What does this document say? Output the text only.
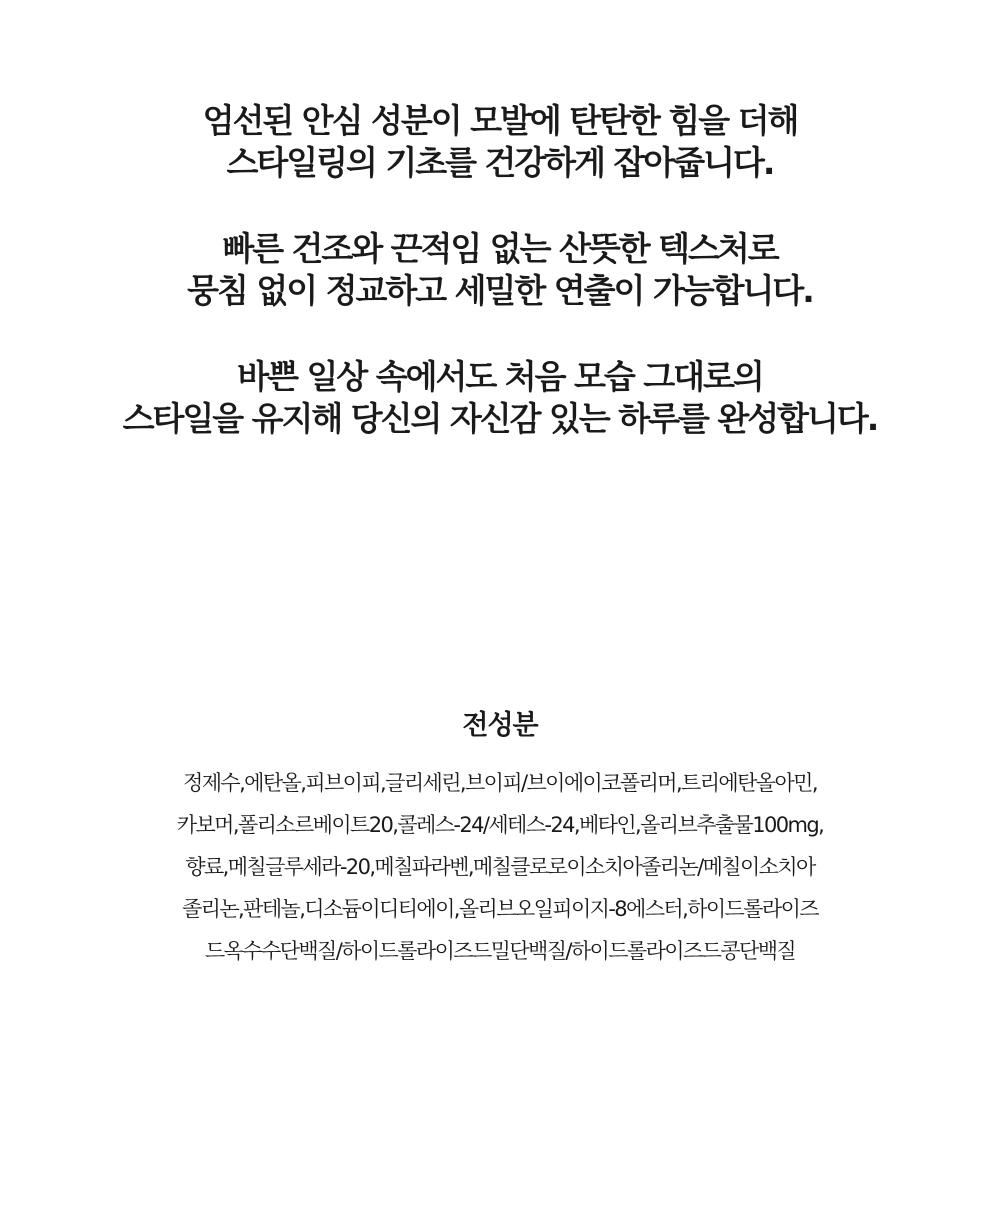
엄선된 안심 성분이 모발에 탄탄한 힘을 더해
스타일링의 기초를 건강하게 잡아줍니다.

빠른 건조와 끈적임 없는 산뜻한 텍스처로
뭉침 없이 정교하고 세밀한 연출이 가능합니다.

바쁜 일상 속에서도 처음 모습 그대로의
스타일을 유지해 당신의 자신감 있는 하루를 완성합니다.

전성분
정제수,에탄올,피브이피,글리세린,브이피/브이에이코폴리머,트리에탄올아민,
카보머,폴리소르베이트20,콜레스-24/세테스-24,베타인,올리브추출물100mg,
향료,메칠글루세라-20,메칠파라벤,메칠클로로이소치아졸리논/메칠이소치아
졸리논,판테놀,디소듐이디티에이,올리브오일피이지-8에스터,하이드롤라이즈
드옥수수단백질/하이드롤라이즈드밀단백질/하이드롤라이즈드콩단백질
